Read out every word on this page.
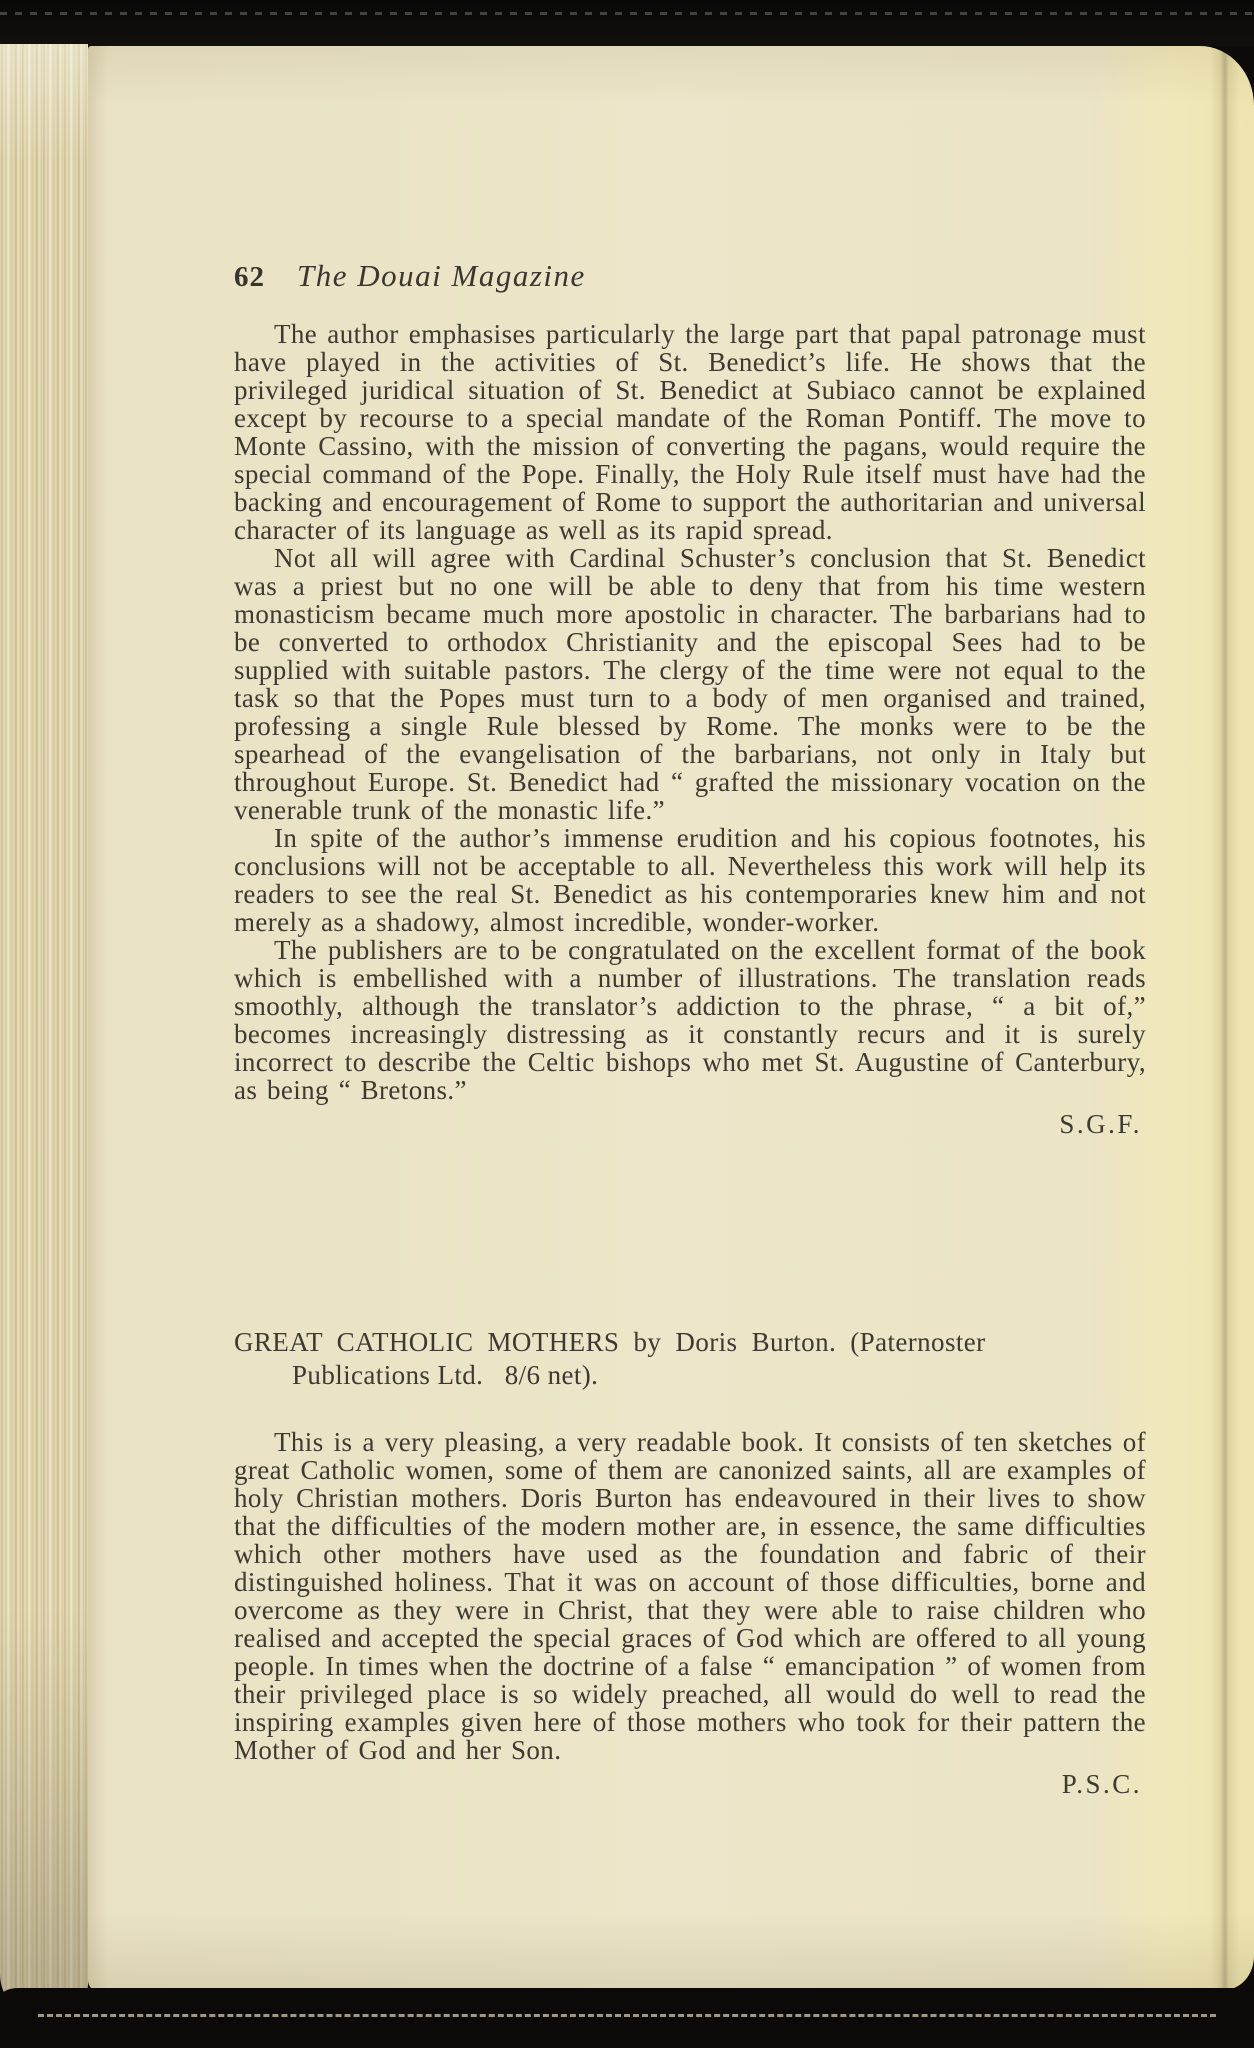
62 The Douai Magazine

The author emphasises particularly the large part that papal patronage must have played in the activities of St. Benedict’s life. He shows that the privileged juridical situation of St. Benedict at Subiaco cannot be explained except by recourse to a special mandate of the Roman Pontiff. The move to Monte Cassino, with the mission of converting the pagans, would require the special command of the Pope. Finally, the Holy Rule itself must have had the backing and encouragement of Rome to support the authoritarian and universal character of its language as well as its rapid spread.

Not all will agree with Cardinal Schuster’s conclusion that St. Benedict was a priest but no one will be able to deny that from his time western monasticism became much more apostolic in character. The barbarians had to be converted to orthodox Christianity and the episcopal Sees had to be supplied with suitable pastors. The clergy of the time were not equal to the task so that the Popes must turn to a body of men organised and trained, professing a single Rule blessed by Rome. The monks were to be the spearhead of the evangelisation of the barbarians, not only in Italy but throughout Europe. St. Benedict had “ grafted the missionary vocation on the venerable trunk of the monastic life.”

In spite of the author’s immense erudition and his copious footnotes, his conclusions will not be acceptable to all. Nevertheless this work will help its readers to see the real St. Benedict as his contemporaries knew him and not merely as a shadowy, almost incredible, wonder-worker.

The publishers are to be congratulated on the excellent format of the book which is embellished with a number of illustrations. The translation reads smoothly, although the translator’s addiction to the phrase, “ a bit of,” becomes increasingly distressing as it constantly recurs and it is surely incorrect to describe the Celtic bishops who met St. Augustine of Canterbury, as being “ Bretons.”

S.G.F.
GREAT CATHOLIC MOTHERS by Doris Burton. (Paternoster
Publications Ltd.   8/6 net).

This is a very pleasing, a very readable book. It consists of ten sketches of great Catholic women, some of them are canonized saints, all are examples of holy Christian mothers. Doris Burton has endeavoured in their lives to show that the difficulties of the modern mother are, in essence, the same difficulties which other mothers have used as the foundation and fabric of their distinguished holiness. That it was on account of those difficulties, borne and overcome as they were in Christ, that they were able to raise children who realised and accepted the special graces of God which are offered to all young people. In times when the doctrine of a false “ emancipation ” of women from their privileged place is so widely preached, all would do well to read the inspiring examples given here of those mothers who took for their pattern the Mother of God and her Son.

P.S.C.
